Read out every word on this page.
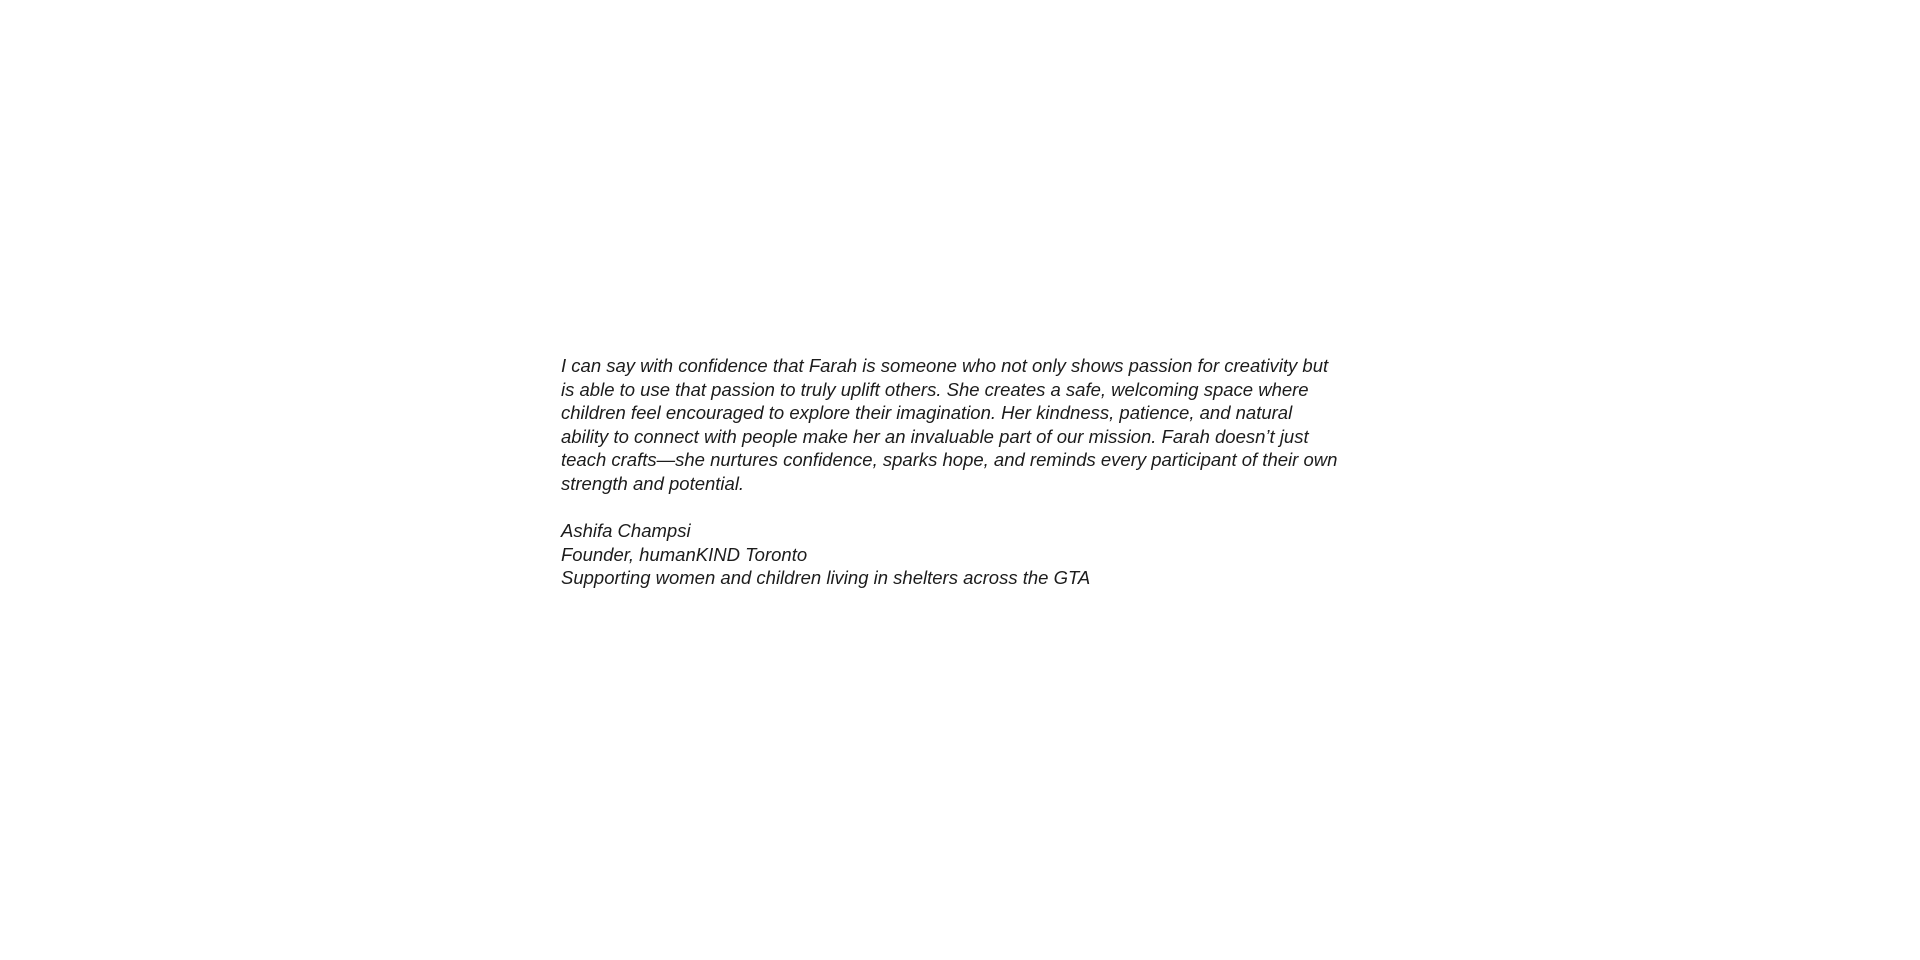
I can say with confidence that Farah is someone who not only shows passion for creativity but
is able to use that passion to truly uplift others. She creates a safe, welcoming space where
children feel encouraged to explore their imagination. Her kindness, patience, and natural
ability to connect with people make her an invaluable part of our mission. Farah doesn’t just
teach crafts—she nurtures confidence, sparks hope, and reminds every participant of their own
strength and potential.
Ashifa Champsi
Founder, humanKIND Toronto
Supporting women and children living in shelters across the GTA
